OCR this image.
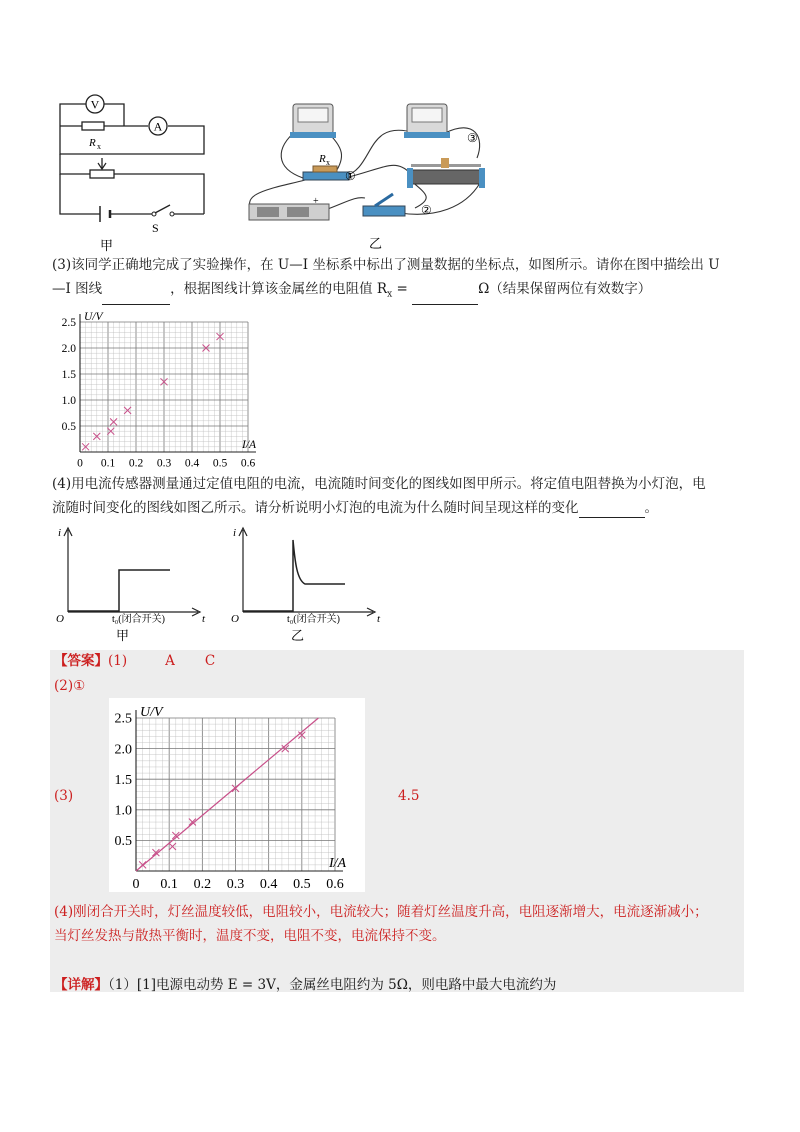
V
A
R x
S
甲
R x
+
①
②
③
乙
(3)该同学正确地完成了实验操作，在 U—I 坐标系中标出了测量数据的坐标点，如图所示。请你在图中描绘出 U
—I 图线	，根据图线计算该金属丝的电阻值 $R_x$ =	Ω（结果保留两位有效数字）
0 0.1 0.2 0.3 0.4 0.5 0.6
0.5
1.0
1.5
2.0
2.5 U/V
I/A
(4)用电流传感器测量通过定值电阻的电流，电流随时间变化的图线如图甲所示。将定值电阻替换为小灯泡，电
流随时间变化的图线如图乙所示。请分析说明小灯泡的电流为什么随时间呈现这样的变化	。
i
t
O	t₀(闭合开关)
甲
i
t
O	t₀(闭合开关)
乙
【答案】(1)	A C
(2)①
0 0.1 0.2 0.3 0.4 0.5 0.6
0.5
1.0
1.5
2.0
2.5 U/V
I/A
(3)	4.5
(4)刚闭合开关时，灯丝温度较低，电阻较小，电流较大；随着灯丝温度升高，电阻逐渐增大，电流逐渐减小；
当灯丝发热与散热平衡时，温度不变，电阻不变，电流保持不变。
【详解】（1）[1]电源电动势 E = 3V，金属丝电阻约为 5Ω，则电路中最大电流约为
